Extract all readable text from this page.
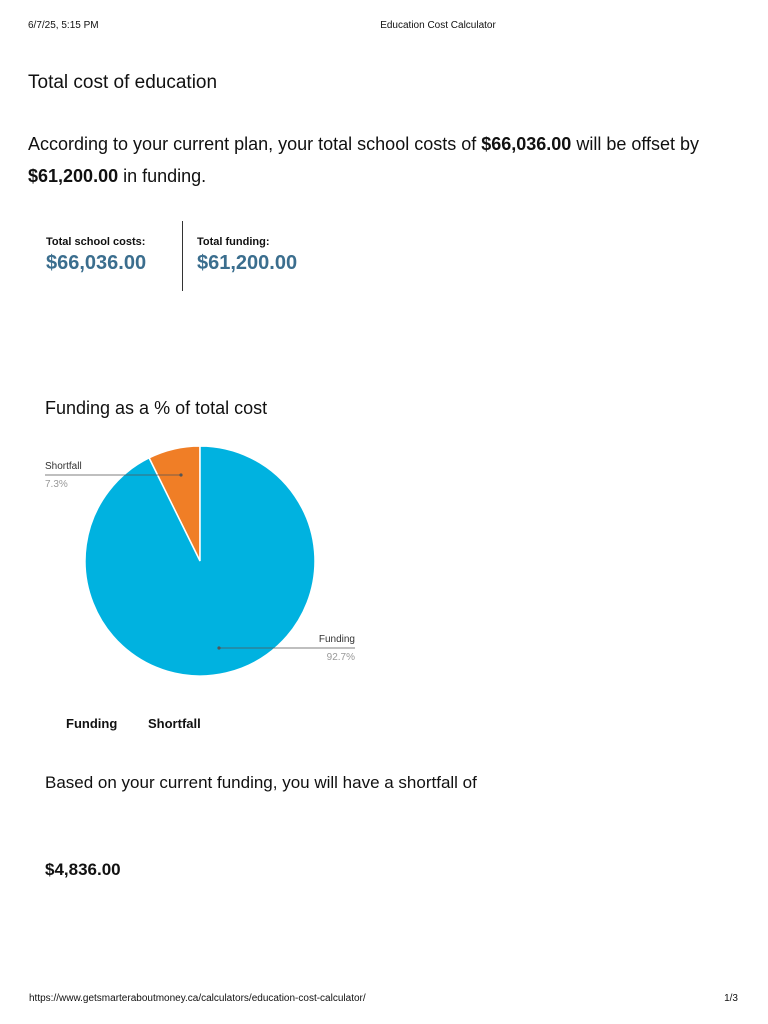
6/7/25, 5:15 PM	Education Cost Calculator
Total cost of education

According to your current plan, your total school costs of $66,036.00 will be offset by $61,200.00 in funding.

Total school costs:
$66,036.00
Total funding:
$61,200.00
Funding as a % of total cost
Shortfall
7.3%
Funding
92.7%
Funding Shortfall

Based on your current funding, you will have a shortfall of

$4,836.00
https://www.getsmarteraboutmoney.ca/calculators/education-cost-calculator/	1/3
